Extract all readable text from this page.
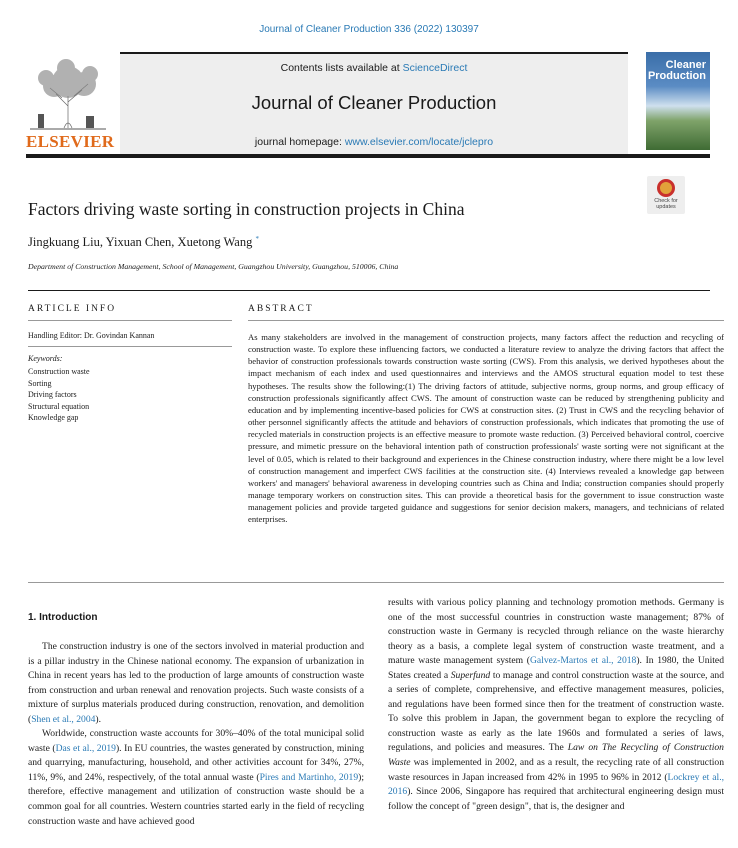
Journal of Cleaner Production 336 (2022) 130397
ELSEVIER
Contents lists available at ScienceDirect
Journal of Cleaner Production
journal homepage: www.elsevier.com/locate/jclepro
Cleaner
Production
Check for updates
Factors driving waste sorting in construction projects in China
Jingkuang Liu, Yixuan Chen, Xuetong Wang *
Department of Construction Management, School of Management, Guangzhou University, Guangzhou, 510006, China
ARTICLE INFO	ABSTRACT
Handling Editor: Dr. Govindan Kannan
Keywords:
Construction waste
Sorting
Driving factors
Structural equation
Knowledge gap
As many stakeholders are involved in the management of construction projects, many factors affect the reduction and recycling of construction waste. To explore these influencing factors, we conducted a literature review to analyze the driving factors that affect the behavior of construction professionals towards construction waste sorting (CWS). From this analysis, we derived hypotheses about the impact mechanism of each index and used questionnaires and interviews and the AMOS structural equation model to test these hypotheses. The results show the following:(1) The driving factors of attitude, subjective norms, group norms, and group efficacy of construction professionals significantly affect CWS. The amount of construction waste can be reduced by strengthening publicity and education and by implementing incentive-based policies for CWS at construction sites. (2) Trust in CWS and the recycling behavior of other personnel significantly affects the attitude and behaviors of construction professionals, which indicates that promoting the use of recycled materials in construction projects is an effective measure to promote waste reduction. (3) Perceived behavioral control, coercive pressure, and mimetic pressure on the behavioral intention path of construction professionals' waste sorting were not significant at the level of 0.05, which is related to their background and experiences in the Chinese construction industry, where there might be a low level of construction management and imperfect CWS facilities at the construction site. (4) Interviews revealed a knowledge gap between workers' and managers' behavioral awareness in developing countries such as China and India; construction companies should properly manage temporary workers on construction sites. This can provide a theoretical basis for the government to issue construction waste management policies and provide targeted guidance and suggestions for senior decision makers, managers, and technicians of related enterprises.
1. Introduction

The construction industry is one of the sectors involved in material production and is a pillar industry in the Chinese national economy. The expansion of urbanization in China in recent years has led to the production of large amounts of construction waste from construction and urban renewal and renovation projects. Such waste consists of a mixture of surplus materials produced during construction, renovation, and demolition (Shen et al., 2004).

Worldwide, construction waste accounts for 30%–40% of the total municipal solid waste (Das et al., 2019). In EU countries, the wastes generated by construction, mining and quarrying, manufacturing, household, and other activities account for 34%, 27%, 11%, 9%, and 24%, respectively, of the total annual waste (Pires and Martinho, 2019); therefore, effective management and utilization of construction waste should be a common goal for all countries. Western countries started early in the field of recycling construction waste and have achieved good

results with various policy planning and technology promotion methods. Germany is one of the most successful countries in construction waste management; 87% of construction waste in Germany is recycled through reliance on the waste hierarchy theory as a basis, a complete legal system of construction waste treatment, and a mature waste management system (Galvez-Martos et al., 2018). In 1980, the United States created a Superfund to manage and control construction waste at the source, and a series of complete, comprehensive, and effective management measures, policies, and regulations have been formed since then for the treatment of construction waste. To solve this problem in Japan, the government began to explore the recycling of construction waste as early as the late 1960s and formulated a series of laws, regulations, and policies and measures. The Law on The Recycling of Construction Waste was implemented in 2002, and as a result, the recycling rate of all construction waste resources in Japan increased from 42% in 1995 to 96% in 2012 (Lockrey et al., 2016). Since 2006, Singapore has required that architectural engineering design must follow the concept of "green design", that is, the designer and
